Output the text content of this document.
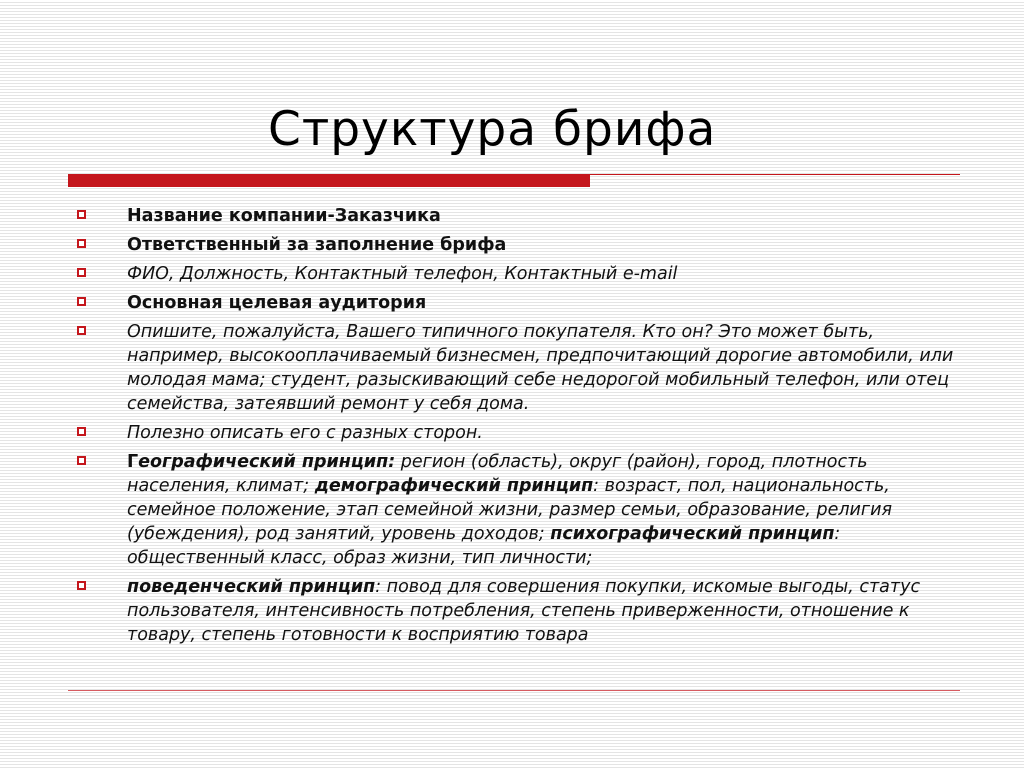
Структура брифа
Название компании-Заказчика
Ответственный за заполнение брифа
ФИО, Должность, Контактный телефон, Контактный e-mail
Основная целевая аудитория
Опишите, пожалуйста, Вашего типичного покупателя. Кто он? Это может быть, например, высокооплачиваемый бизнесмен, предпочитающий дорогие автомобили, или молодая мама; студент, разыскивающий себе недорогой мобильный телефон, или отец семейства, затеявший ремонт у себя дома.
Полезно описать его с разных сторон.
Географический принцип: регион (область), округ (район), город, плотность населения, климат; демографический принцип: возраст, пол, национальность, семейное положение, этап семейной жизни, размер семьи, образование, религия (убеждения), род занятий, уровень доходов; психографический принцип: общественный класс, образ жизни, тип личности;
поведенческий принцип: повод для совершения покупки, искомые выгоды, статус пользователя, интенсивность потребления, степень приверженности, отношение к товару, степень готовности к восприятию товара
